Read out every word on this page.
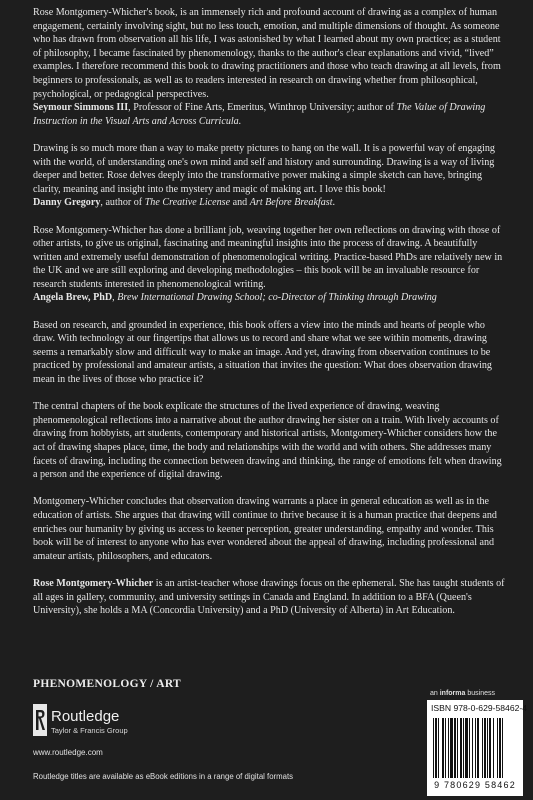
Rose Montgomery-Whicher's book, is an immensely rich and profound account of drawing as a complex of human engagement, certainly involving sight, but no less touch, emotion, and multiple dimensions of thought. As someone who has drawn from observation all his life, I was astonished by what I learned about my own practice; as a student of philosophy, I became fascinated by phenomenology, thanks to the author's clear explanations and vivid, “lived” examples. I therefore recommend this book to drawing practitioners and those who teach drawing at all levels, from beginners to professionals, as well as to readers interested in research on drawing whether from philosophical, psychological, or pedagogical perspectives.
Seymour Simmons III, Professor of Fine Arts, Emeritus, Winthrop University; author of The Value of Drawing Instruction in the Visual Arts and Across Curricula.

Drawing is so much more than a way to make pretty pictures to hang on the wall. It is a powerful way of engaging with the world, of understanding one's own mind and self and history and surrounding. Drawing is a way of living deeper and better. Rose delves deeply into the transformative power making a simple sketch can have, bringing clarity, meaning and insight into the mystery and magic of making art. I love this book!
Danny Gregory, author of The Creative License and Art Before Breakfast.

Rose Montgomery-Whicher has done a brilliant job, weaving together her own reflections on drawing with those of other artists, to give us original, fascinating and meaningful insights into the process of drawing. A beautifully written and extremely useful demonstration of phenomenological writing. Practice-based PhDs are relatively new in the UK and we are still exploring and developing methodologies – this book will be an invaluable resource for research students interested in phenomenological writing.
Angela Brew, PhD, Brew International Drawing School; co-Director of Thinking through Drawing

Based on research, and grounded in experience, this book offers a view into the minds and hearts of people who draw. With technology at our fingertips that allows us to record and share what we see within moments, drawing seems a remarkably slow and difficult way to make an image. And yet, drawing from observation continues to be practiced by professional and amateur artists, a situation that invites the question: What does observation drawing mean in the lives of those who practice it?

The central chapters of the book explicate the structures of the lived experience of drawing, weaving phenomenological reflections into a narrative about the author drawing her sister on a train. With lively accounts of drawing from hobbyists, art students, contemporary and historical artists, Montgomery-Whicher considers how the act of drawing shapes place, time, the body and relationships with the world and with others. She addresses many facets of drawing, including the connection between drawing and thinking, the range of emotions felt when drawing a person and the experience of digital drawing.

Montgomery-Whicher concludes that observation drawing warrants a place in general education as well as in the education of artists. She argues that drawing will continue to thrive because it is a human practice that deepens and enriches our humanity by giving us access to keener perception, greater understanding, empathy and wonder. This book will be of interest to anyone who has ever wondered about the appeal of drawing, including professional and amateur artists, philosophers, and educators.

Rose Montgomery-Whicher is an artist-teacher whose drawings focus on the ephemeral. She has taught students of all ages in gallery, community, and university settings in Canada and England. In addition to a BFA (Queen's University), she holds a MA (Concordia University) and a PhD (University of Alberta) in Art Education.

PHENOMENOLOGY / ART
Routledge
Taylor & Francis Group
www.routledge.com
Routledge titles are available as eBook editions in a range of digital formats
an informa business
ISBN 978-0-629-58462-4
9 780629 58462
